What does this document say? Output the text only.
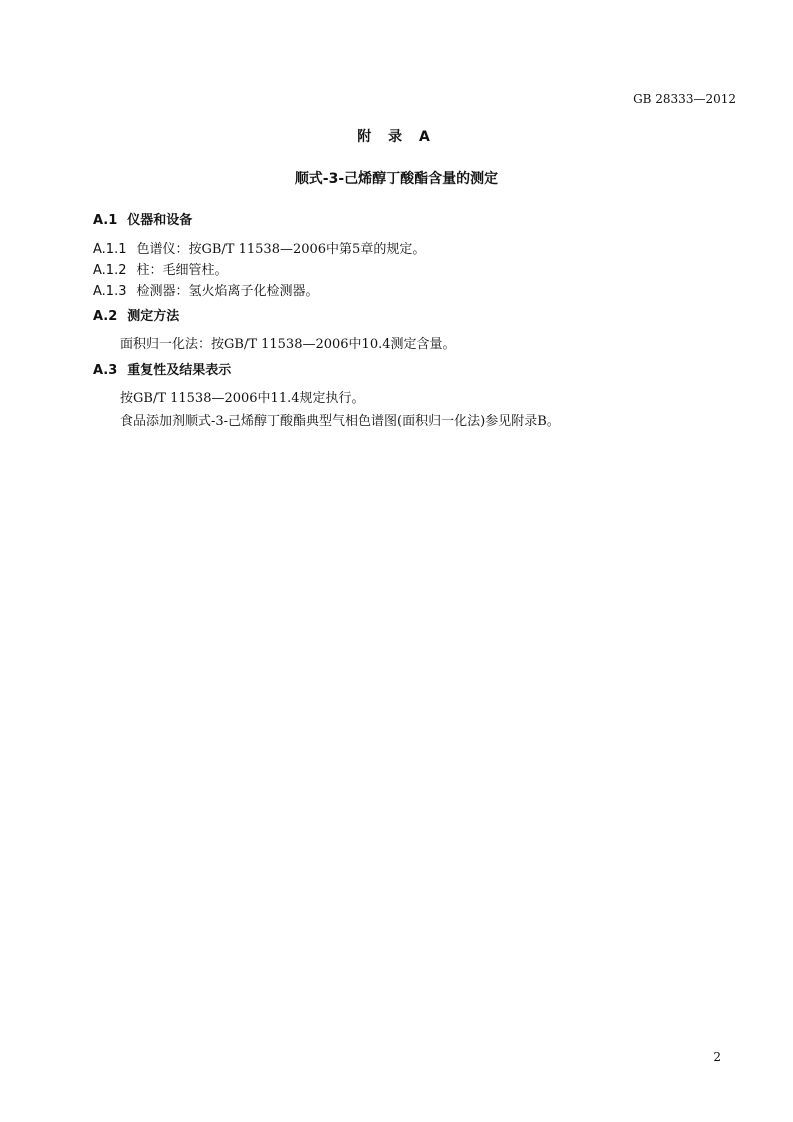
GB 28333—2012
附 录 A
顺式-3-己烯醇丁酸酯含量的测定
A.1 仪器和设备
A.1.1 色谱仪：按GB/T 11538—2006中第5章的规定。
A.1.2 柱：毛细管柱。
A.1.3 检测器：氢火焰离子化检测器。
A.2 测定方法
面积归一化法：按GB/T 11538—2006中10.4测定含量。
A.3 重复性及结果表示
按GB/T 11538—2006中11.4规定执行。
食品添加剂顺式-3-己烯醇丁酸酯典型气相色谱图(面积归一化法)参见附录B。
2
